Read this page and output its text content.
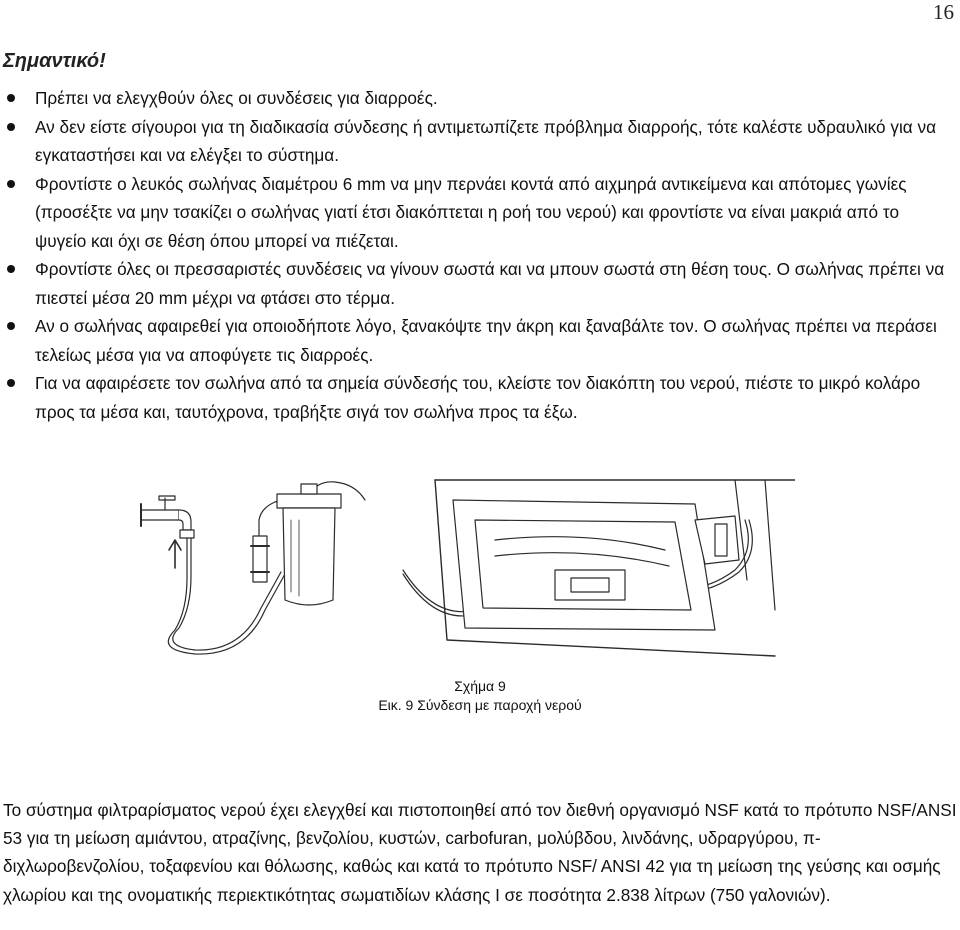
16
Σημαντικό!
Πρέπει να ελεγχθούν όλες οι συνδέσεις για διαρροές.
Αν δεν είστε σίγουροι για τη διαδικασία σύνδεσης ή αντιμετωπίζετε πρόβλημα διαρροής, τότε καλέστε υδραυλικό για να εγκαταστήσει και να ελέγξει το σύστημα.
Φροντίστε ο λευκός σωλήνας διαμέτρου 6 mm να μην περνάει κοντά από αιχμηρά αντικείμενα και απότομες γωνίες (προσέξτε να μην τσακίζει ο σωλήνας γιατί έτσι διακόπτεται η ροή του νερού) και φροντίστε να είναι μακριά από το ψυγείο και όχι σε θέση όπου μπορεί να πιέζεται.
Φροντίστε όλες οι πρεσσαριστές συνδέσεις να γίνουν σωστά και να μπουν σωστά στη θέση τους. Ο σωλήνας πρέπει να πιεστεί μέσα 20 mm μέχρι να φτάσει στο τέρμα.
Αν ο σωλήνας αφαιρεθεί για οποιοδήποτε λόγο, ξανακόψτε την άκρη και ξαναβάλτε τον. Ο σωλήνας πρέπει να περάσει τελείως μέσα για να αποφύγετε τις διαρροές.
Για να αφαιρέσετε τον σωλήνα από τα σημεία σύνδεσής του, κλείστε τον διακόπτη του νερού, πιέστε το μικρό κολάρο προς τα μέσα και, ταυτόχρονα, τραβήξτε σιγά τον σωλήνα προς τα έξω.
Σχήμα 9
Εικ. 9 Σύνδεση με παροχή νερού

Το σύστημα φιλτραρίσματος νερού έχει ελεγχθεί και πιστοποιηθεί από τον διεθνή οργανισμό NSF κατά το πρότυπο NSF/ANSI 53 για τη μείωση αμιάντου, ατραζίνης, βενζολίου, κυστών, carbofuran, μολύβδου, λινδάνης, υδραργύρου, π-διχλωροβενζολίου, τοξαφενίου και θόλωσης, καθώς και κατά το πρότυπο NSF/ ANSI 42 για τη μείωση της γεύσης και οσμής χλωρίου και της ονοματικής περιεκτικότητας σωματιδίων κλάσης I σε ποσότητα 2.838 λίτρων (750 γαλονιών).
